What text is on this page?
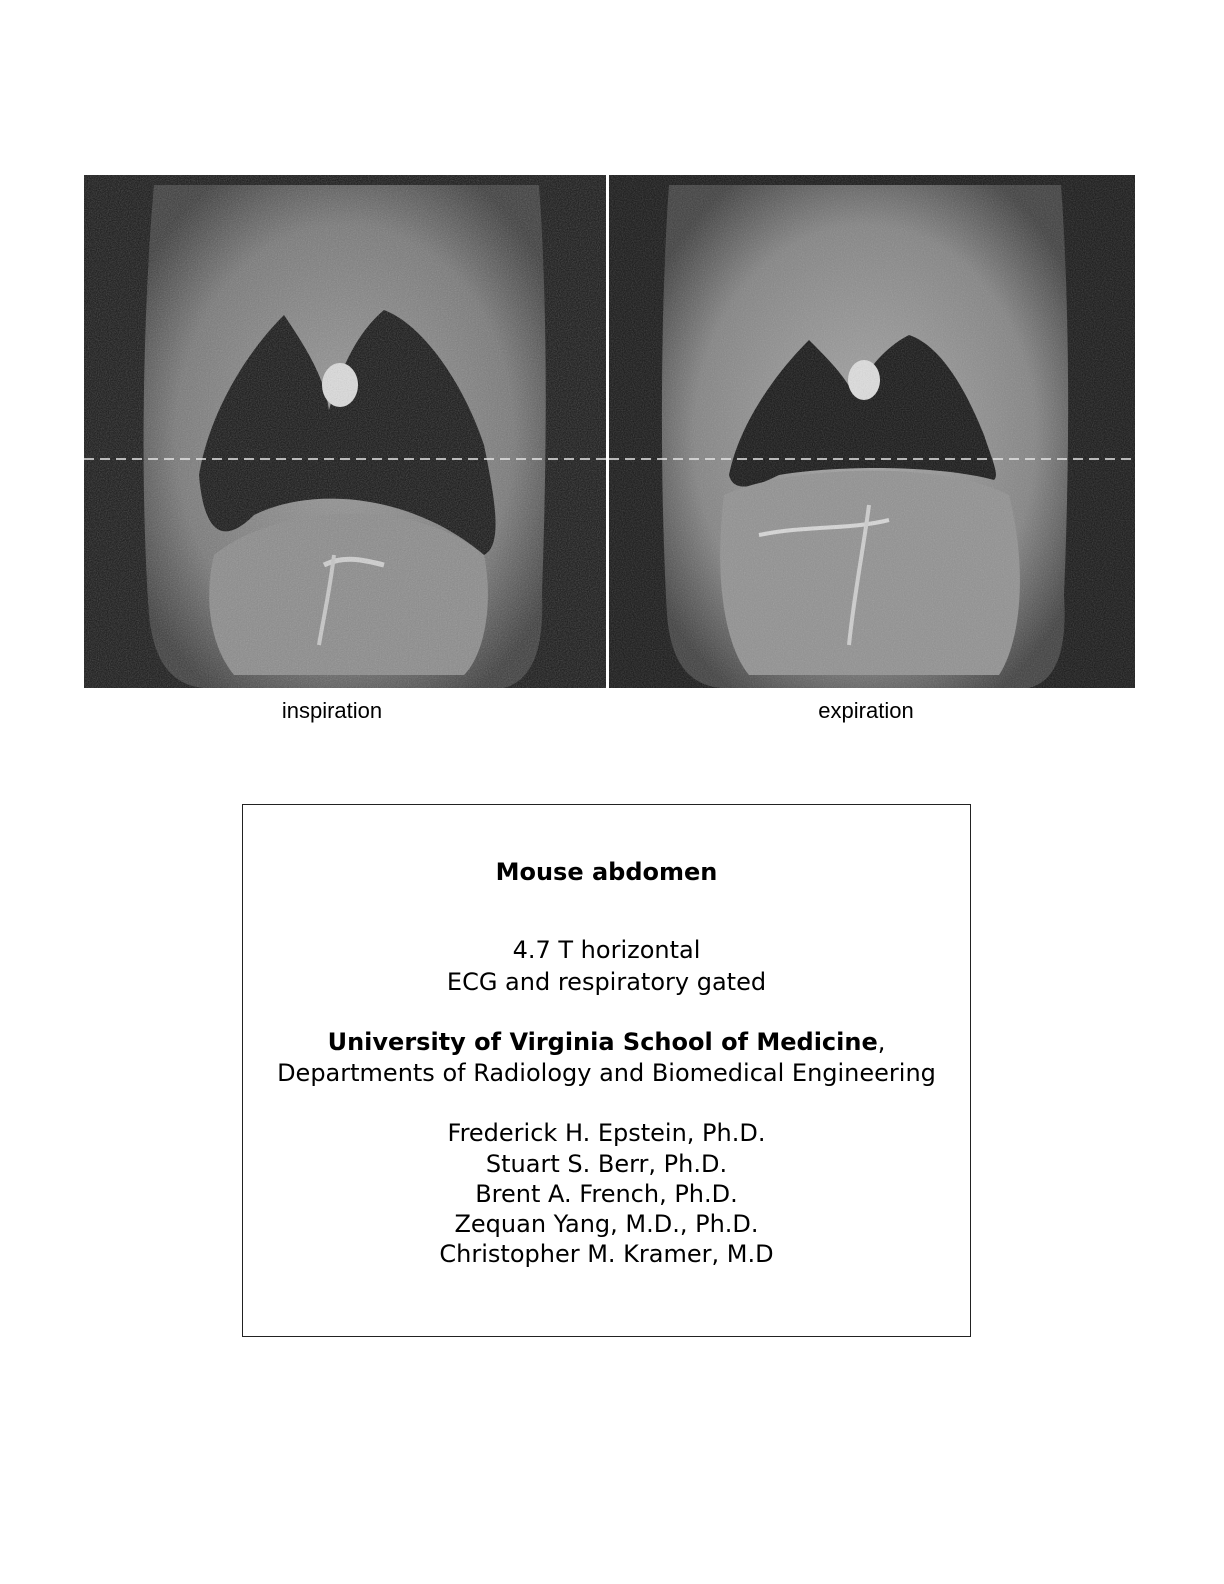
inspiration	expiration
Mouse abdomen
4.7 T horizontal
ECG and respiratory gated
University of Virginia School of Medicine,
Departments of Radiology and Biomedical Engineering
Frederick H. Epstein, Ph.D.
Stuart S. Berr, Ph.D.
Brent A. French, Ph.D.
Zequan Yang, M.D., Ph.D.
Christopher M. Kramer, M.D
